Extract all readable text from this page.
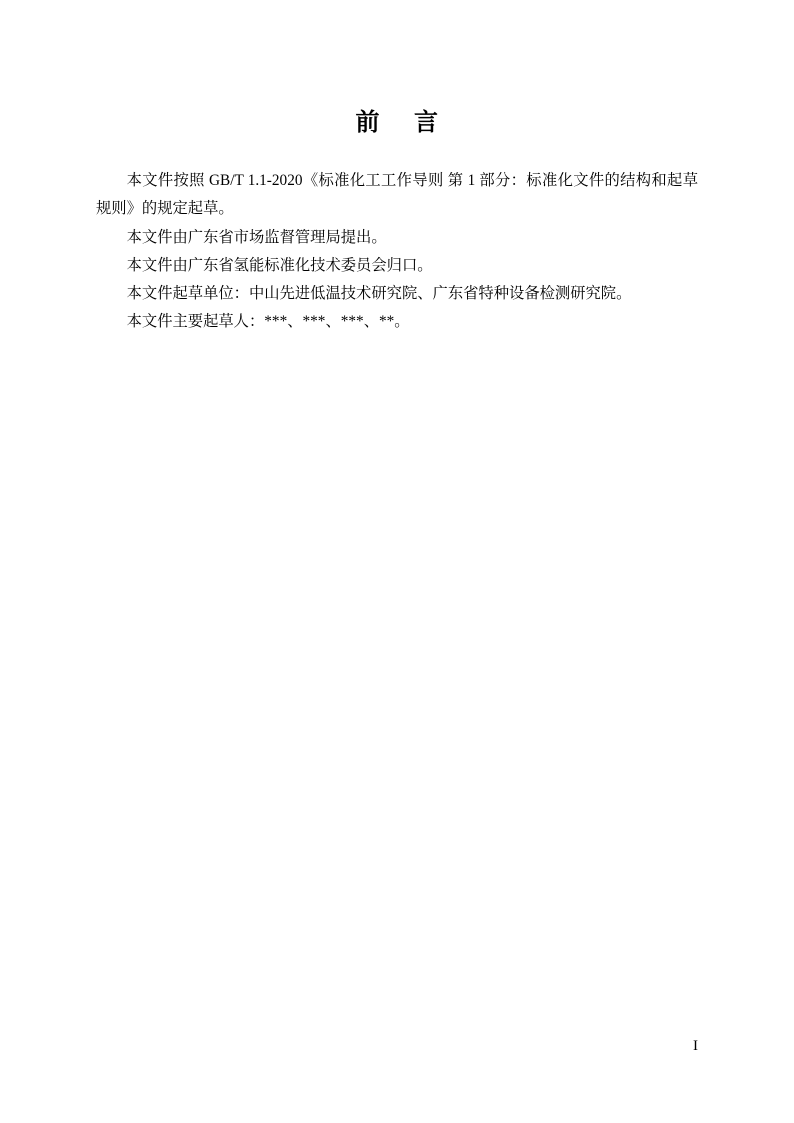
前 言

本文件按照 GB/T 1.1-2020《标准化工工作导则 第 1 部分：标准化文件的结构和起草规则》的规定起草。

本文件由广东省市场监督管理局提出。

本文件由广东省氢能标准化技术委员会归口。

本文件起草单位：中山先进低温技术研究院、广东省特种设备检测研究院。

本文件主要起草人：***、***、***、**。

I
